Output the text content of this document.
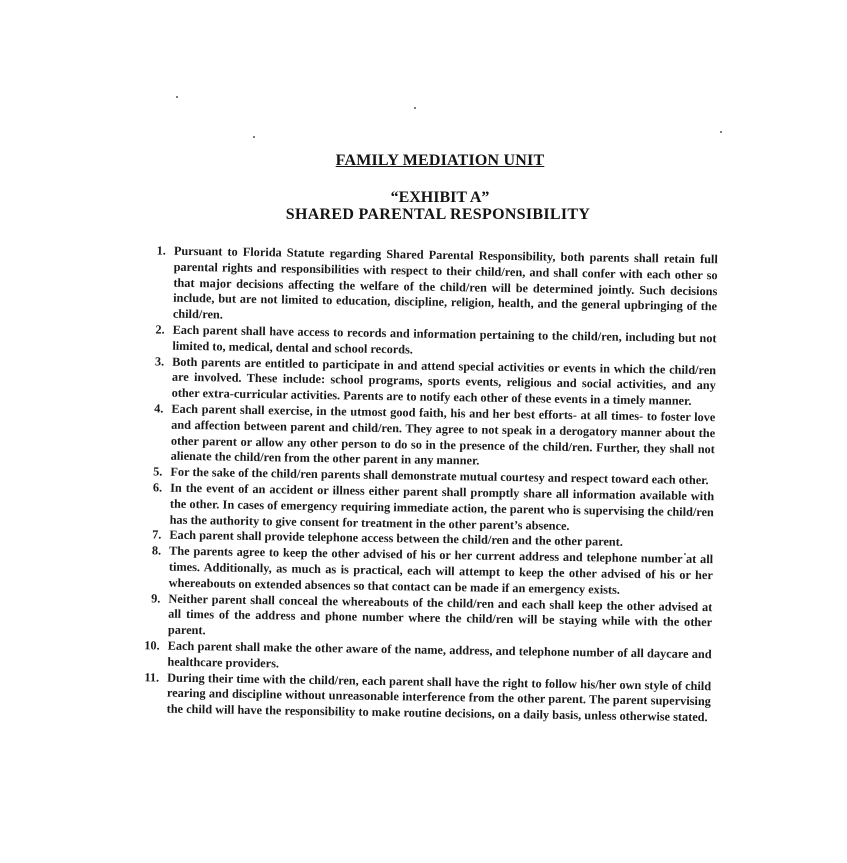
FAMILY MEDIATION UNIT
“EXHIBIT A”
SHARED PARENTAL RESPONSIBILITY
1. Pursuant to Florida Statute regarding Shared Parental Responsibility, both parents shall retain full parental rights and responsibilities with respect to their child/ren, and shall confer with each other so that major decisions affecting the welfare of the child/ren will be determined jointly. Such decisions include, but are not limited to education, discipline, religion, health, and the general upbringing of the child/ren.
2. Each parent shall have access to records and information pertaining to the child/ren, including but not limited to, medical, dental and school records.
3. Both parents are entitled to participate in and attend special activities or events in which the child/ren are involved. These include: school programs, sports events, religious and social activities, and any other extra-curricular activities. Parents are to notify each other of these events in a timely manner.
4. Each parent shall exercise, in the utmost good faith, his and her best efforts- at all times- to foster love and affection between parent and child/ren. They agree to not speak in a derogatory manner about the other parent or allow any other person to do so in the presence of the child/ren. Further, they shall not alienate the child/ren from the other parent in any manner.
5. For the sake of the child/ren parents shall demonstrate mutual courtesy and respect toward each other.
6. In the event of an accident or illness either parent shall promptly share all information available with the other. In cases of emergency requiring immediate action, the parent who is supervising the child/ren has the authority to give consent for treatment in the other parent’s absence.
7. Each parent shall provide telephone access between the child/ren and the other parent.
8. The parents agree to keep the other advised of his or her current address and telephone number at all times. Additionally, as much as is practical, each will attempt to keep the other advised of his or her whereabouts on extended absences so that contact can be made if an emergency exists.
9. Neither parent shall conceal the whereabouts of the child/ren and each shall keep the other advised at all times of the address and phone number where the child/ren will be staying while with the other parent.
10. Each parent shall make the other aware of the name, address, and telephone number of all daycare and healthcare providers.
11. During their time with the child/ren, each parent shall have the right to follow his/her own style of child rearing and discipline without unreasonable interference from the other parent. The parent supervising the child will have the responsibility to make routine decisions, on a daily basis, unless otherwise stated.
